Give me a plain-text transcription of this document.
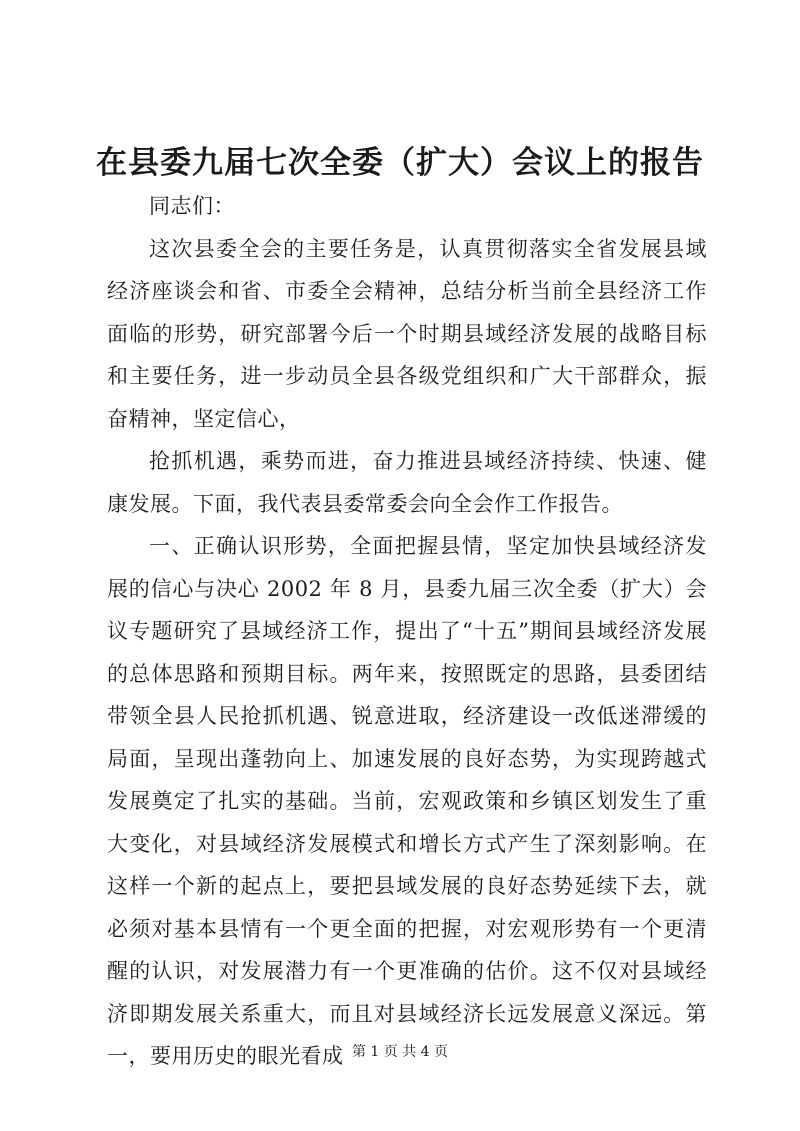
在县委九届七次全委（扩大）会议上的报告

同志们：

这次县委全会的主要任务是，认真贯彻落实全省发展县域经济座谈会和省、市委全会精神，总结分析当前全县经济工作面临的形势，研究部署今后一个时期县域经济发展的战略目标和主要任务，进一步动员全县各级党组织和广大干部群众，振奋精神，坚定信心，

抢抓机遇，乘势而进，奋力推进县域经济持续、快速、健康发展。下面，我代表县委常委会向全会作工作报告。

一、正确认识形势，全面把握县情，坚定加快县域经济发展的信心与决心 2002 年 8 月，县委九届三次全委（扩大）会议专题研究了县域经济工作，提出了“十五”期间县域经济发展的总体思路和预期目标。两年来，按照既定的思路，县委团结带领全县人民抢抓机遇、锐意进取，经济建设一改低迷滞缓的局面，呈现出蓬勃向上、加速发展的良好态势，为实现跨越式发展奠定了扎实的基础。当前，宏观政策和乡镇区划发生了重大变化，对县域经济发展模式和增长方式产生了深刻影响。在这样一个新的起点上，要把县域发展的良好态势延续下去，就必须对基本县情有一个更全面的把握，对宏观形势有一个更清醒的认识，对发展潜力有一个更准确的估价。这不仅对县域经济即期发展关系重大，而且对县域经济长远发展意义深远。第一，要用历史的眼光看成 第 1 页 共 4 页
